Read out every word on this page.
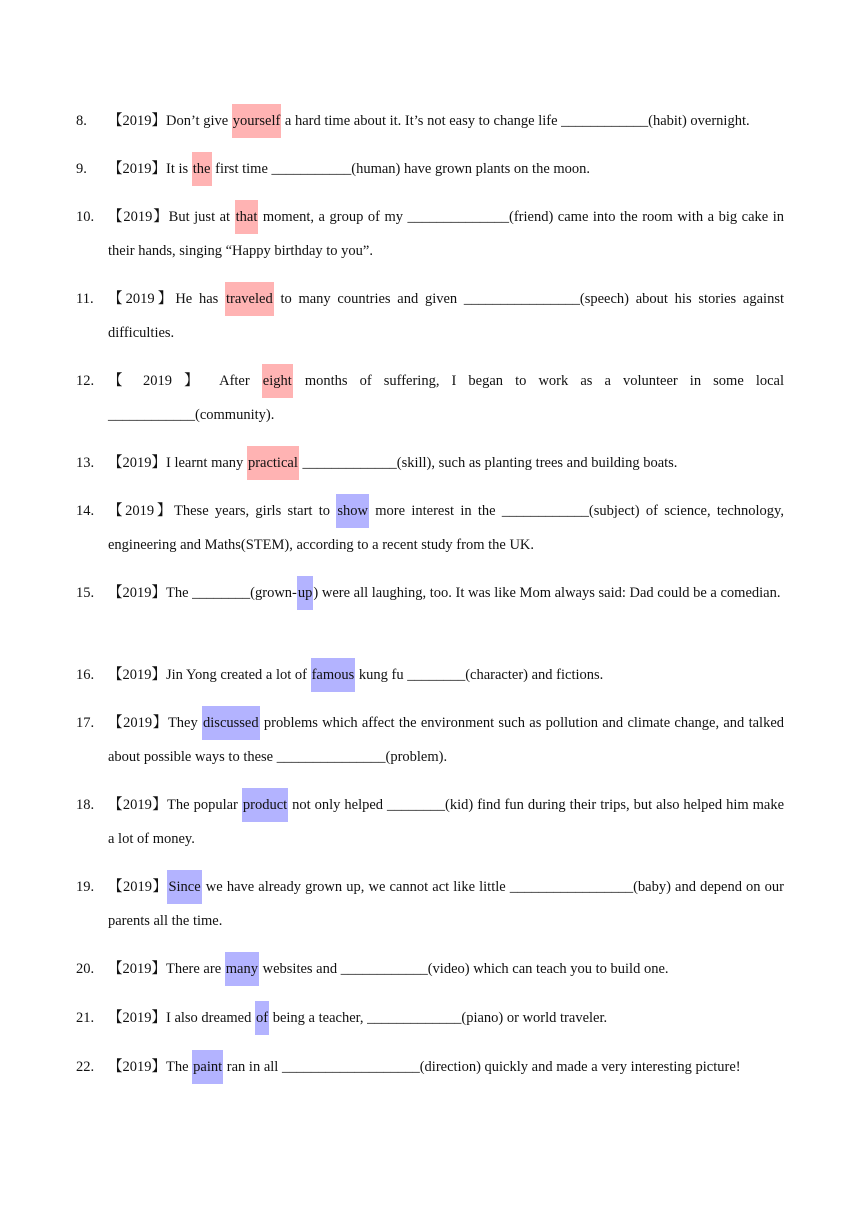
8.	【2019】Don’t give yourself a hard time about it. It’s not easy to change life ____________(habit) overnight.
9.	【2019】It is the first time ___________(human) have grown plants on the moon.
10. 【2019】But just at that moment, a group of my ______________(friend) came into the room with a big cake in their hands, singing “Happy birthday to you”.
11. 【2019】He has traveled to many countries and given ________________(speech) about his stories against difficulties.
12. 【 2019 】 After eight months of suffering, I began to work as a volunteer in some local ____________(community).
13. 【2019】I learnt many practical _____________(skill), such as planting trees and building boats.
14. 【2019】These years, girls start to show more interest in the ____________(subject) of science, technology, engineering and Maths(STEM), according to a recent study from the UK.
15. 【2019】The ________(grown-up) were all laughing, too. It was like Mom always said: Dad could be a comedian.
16. 【2019】Jin Yong created a lot of famous kung fu ________(character) and fictions.
17. 【2019】They discussed problems which affect the environment such as pollution and climate change, and talked about possible ways to these _______________(problem).
18. 【2019】The popular product not only helped ________(kid) find fun during their trips, but also helped him make a lot of money.
19. 【2019】Since we have already grown up, we cannot act like little _________________(baby) and depend on our parents all the time.
20. 【2019】There are many websites and ____________(video) which can teach you to build one.
21. 【2019】I also dreamed of being a teacher, _____________(piano) or world traveler.
22. 【2019】The paint ran in all ___________________(direction) quickly and made a very interesting picture!
